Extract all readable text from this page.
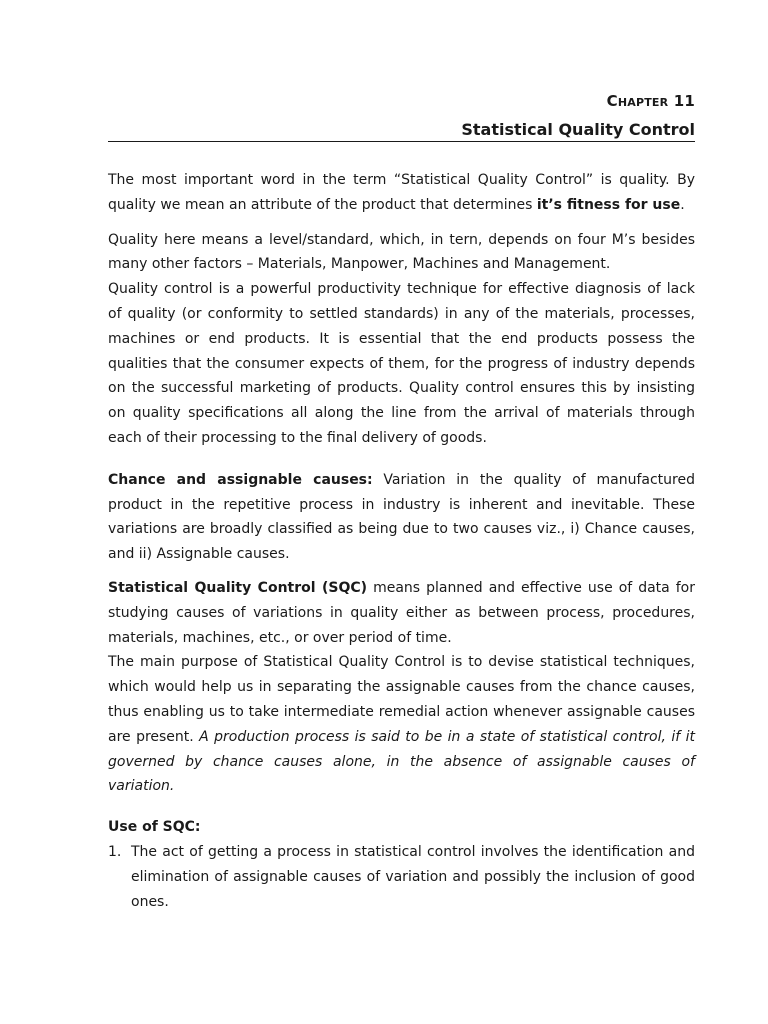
Chapter 11
Statistical Quality Control

The most important word in the term “Statistical Quality Control” is quality. By quality we mean an attribute of the product that determines it’s fitness for use.

Quality here means a level/standard, which, in tern, depends on four M’s besides many other factors – Materials, Manpower, Machines and Management.

Quality control is a powerful productivity technique for effective diagnosis of lack of quality (or conformity to settled standards) in any of the materials, processes, machines or end products. It is essential that the end products possess the qualities that the consumer expects of them, for the progress of industry depends on the successful marketing of products. Quality control ensures this by insisting on quality specifications all along the line from the arrival of materials through each of their processing to the final delivery of goods.

Chance and assignable causes: Variation in the quality of manufactured product in the repetitive process in industry is inherent and inevitable. These variations are broadly classified as being due to two causes viz., i) Chance causes, and ii) Assignable causes.

Statistical Quality Control (SQC) means planned and effective use of data for studying causes of variations in quality either as between process, procedures, materials, machines, etc., or over period of time.

The main purpose of Statistical Quality Control is to devise statistical techniques, which would help us in separating the assignable causes from the chance causes, thus enabling us to take intermediate remedial action whenever assignable causes are present. A production process is said to be in a state of statistical control, if it governed by chance causes alone, in the absence of assignable causes of variation.

Use of SQC:

1. The act of getting a process in statistical control involves the identification and elimination of assignable causes of variation and possibly the inclusion of good ones.
